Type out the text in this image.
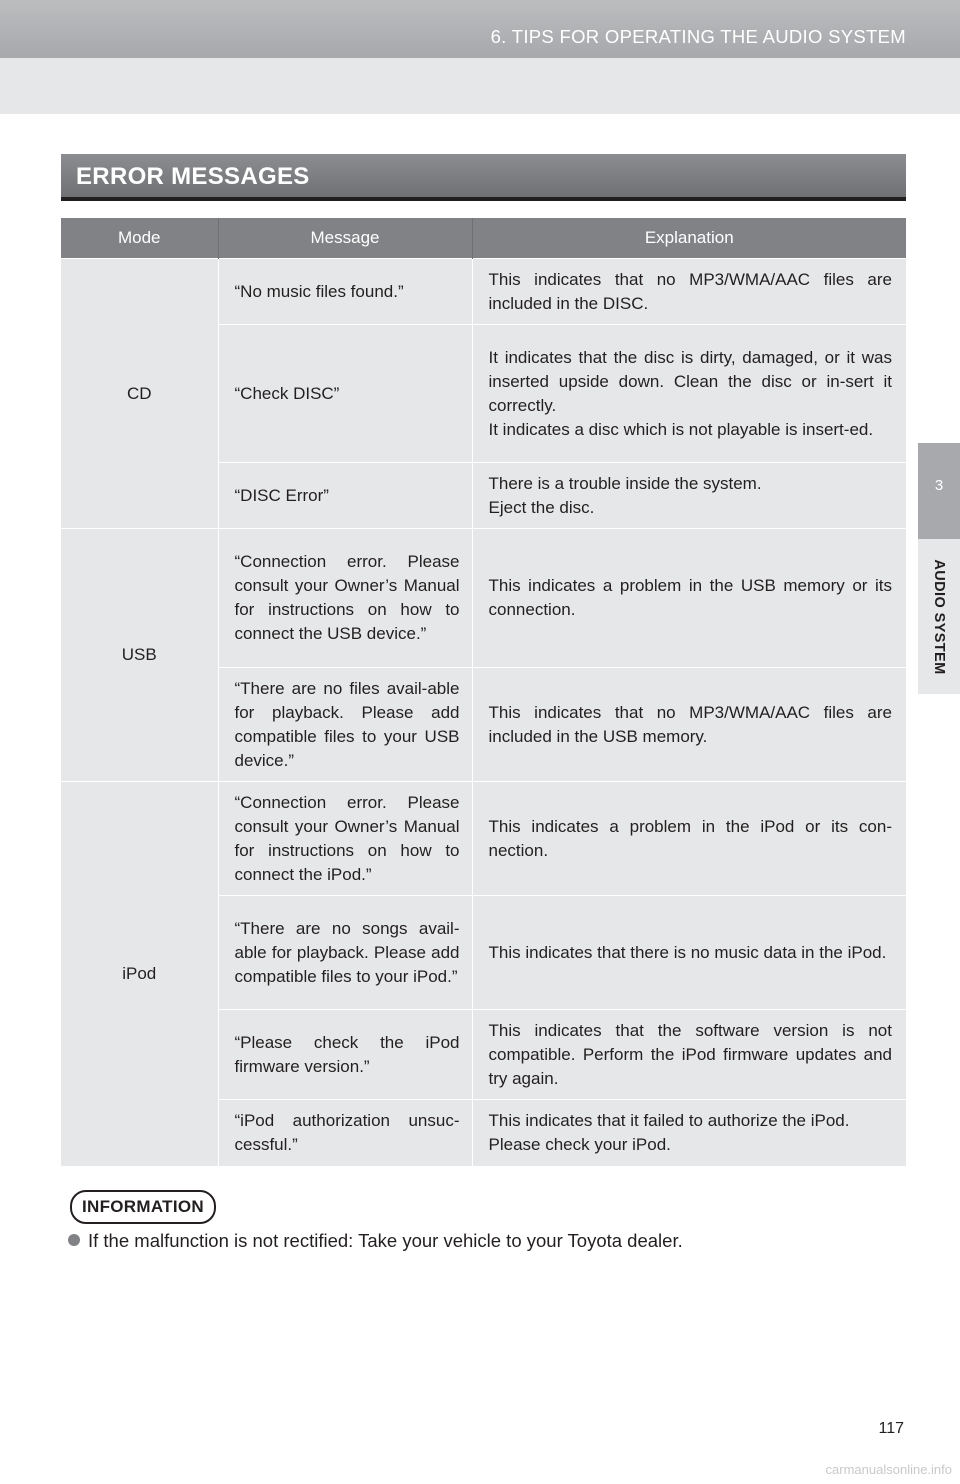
6. TIPS FOR OPERATING THE AUDIO SYSTEM
3
AUDIO SYSTEM
ERROR MESSAGES
Mode	Message	Explanation
CD	“No music files found.”	This indicates that no MP3/WMA/AAC files are included in the DISC.
	“Check DISC”	It indicates that the disc is dirty, damaged, or it was inserted upside down. Clean the disc or in-sert it correctly.
It indicates a disc which is not playable is insert-ed.

	“DISC Error”	There is a trouble inside the system.
Eject the disc.

USB	“Connection error. Please consult your Owner’s Manual for instructions on how to connect the USB device.”	This indicates a problem in the USB memory or its connection.
	“There are no files avail-able for playback. Please add compatible files to your USB device.”	This indicates that no MP3/WMA/AAC files are included in the USB memory.
iPod	“Connection error. Please consult your Owner’s Manual for instructions on how to connect the iPod.”	This indicates a problem in the iPod or its con-nection.
	“There are no songs avail-able for playback. Please add compatible files to your iPod.”	This indicates that there is no music data in the iPod.
	“Please check the iPod firmware version.”	This indicates that the software version is not compatible. Perform the iPod firmware updates and try again.
	“iPod authorization unsuc-cessful.”	This indicates that it failed to authorize the iPod.
Please check your iPod.
INFORMATION
If the malfunction is not rectified: Take your vehicle to your Toyota dealer.
117
carmanualsonline.info
